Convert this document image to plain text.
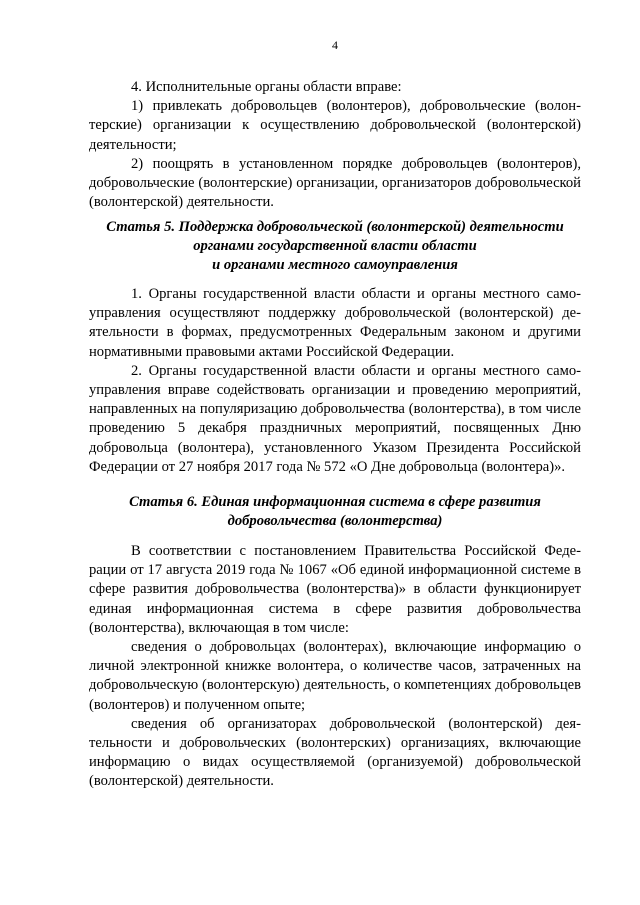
4

4. Исполнительные органы области вправе:

1) привлекать добровольцев (волонтеров), добровольческие (волонтерские) организации к осуществлению добровольческой (волонтерской) деятельности;

2) поощрять в установленном порядке добровольцев (волонтеров), добровольческие (волонтерские) организации, организаторов добровольческой (волонтерской) деятельности.

Статья 5. Поддержка добровольческой (волонтерской) деятельности

органами государственной власти области

и органами местного самоуправления

1. Органы государственной власти области и органы местного самоуправления осуществляют поддержку добровольческой (волонтерской) деятельности в формах, предусмотренных Федеральным законом и другими нормативными правовыми актами Российской Федерации.

2. Органы государственной власти области и органы местного самоуправления вправе содействовать организации и проведению мероприятий, направленных на популяризацию добровольчества (волонтерства), в том числе проведению 5 декабря праздничных мероприятий, посвященных Дню добровольца (волонтера), установленного Указом Президента Российской Федерации от 27 ноября 2017 года № 572 «О Дне добровольца (волонтера)».

Статья 6. Единая информационная система в сфере развития

добровольчества (волонтерства)

В соответствии с постановлением Правительства Российской Федерации от 17 августа 2019 года № 1067 «Об единой информационной системе в сфере развития добровольчества (волонтерства)» в области функционирует единая информационная система в сфере развития добровольчества (волонтерства), включающая в том числе:

сведения о добровольцах (волонтерах), включающие информацию о личной электронной книжке волонтера, о количестве часов, затраченных на добровольческую (волонтерскую) деятельность, о компетенциях добровольцев (волонтеров) и полученном опыте;

сведения об организаторах добровольческой (волонтерской) деятельности и добровольческих (волонтерских) организациях, включающие информацию о видах осуществляемой (организуемой) добровольческой (волонтерской) деятельности.
